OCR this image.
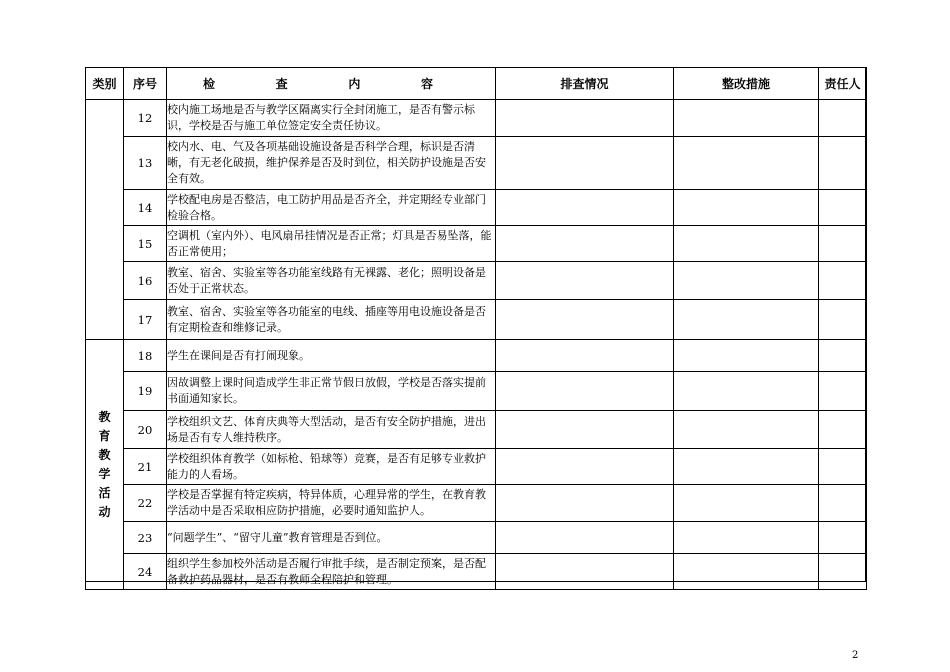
类别	序号	检 查 内 容	排查情况	整改措施	责任人
	12	校内施工场地是否与教学区隔离实行全封闭施工，是否有警示标识，学校是否与施工单位签定安全责任协议。			
	13	校内水、电、气及各项基础设施设备是否科学合理，标识是否清晰，有无老化破损，维护保养是否及时到位，相关防护设施是否安全有效。			
	14	学校配电房是否整洁，电工防护用品是否齐全，并定期经专业部门检验合格。			
	15	空调机（室内外）、电风扇吊挂情况是否正常；灯具是否易坠落，能否正常使用；			
	16	教室、宿舍、实验室等各功能室线路有无裸露、老化；照明设备是否处于正常状态。			
	17	教室、宿舍、实验室等各功能室的电线、插座等用电设施设备是否有定期检查和维修记录。			
教育教学活动	18	学生在课间是否有打闹现象。			
	19	因故调整上课时间造成学生非正常节假日放假，学校是否落实提前书面通知家长。			
	20	学校组织文艺、体育庆典等大型活动，是否有安全防护措施，进出场是否有专人维持秩序。			
	21	学校组织体育教学（如标枪、铅球等）竞赛，是否有足够专业救护能力的人看场。			
	22	学校是否掌握有特定疾病，特异体质，心理异常的学生，在教育教学活动中是否采取相应防护措施，必要时通知监护人。			
	23	“问题学生”、“留守儿童”教育管理是否到位。			
	24	组织学生参加校外活动是否履行审批手续，是否制定预案，是否配备救护药品器材，是否有教师全程陪护和管理。			
2
